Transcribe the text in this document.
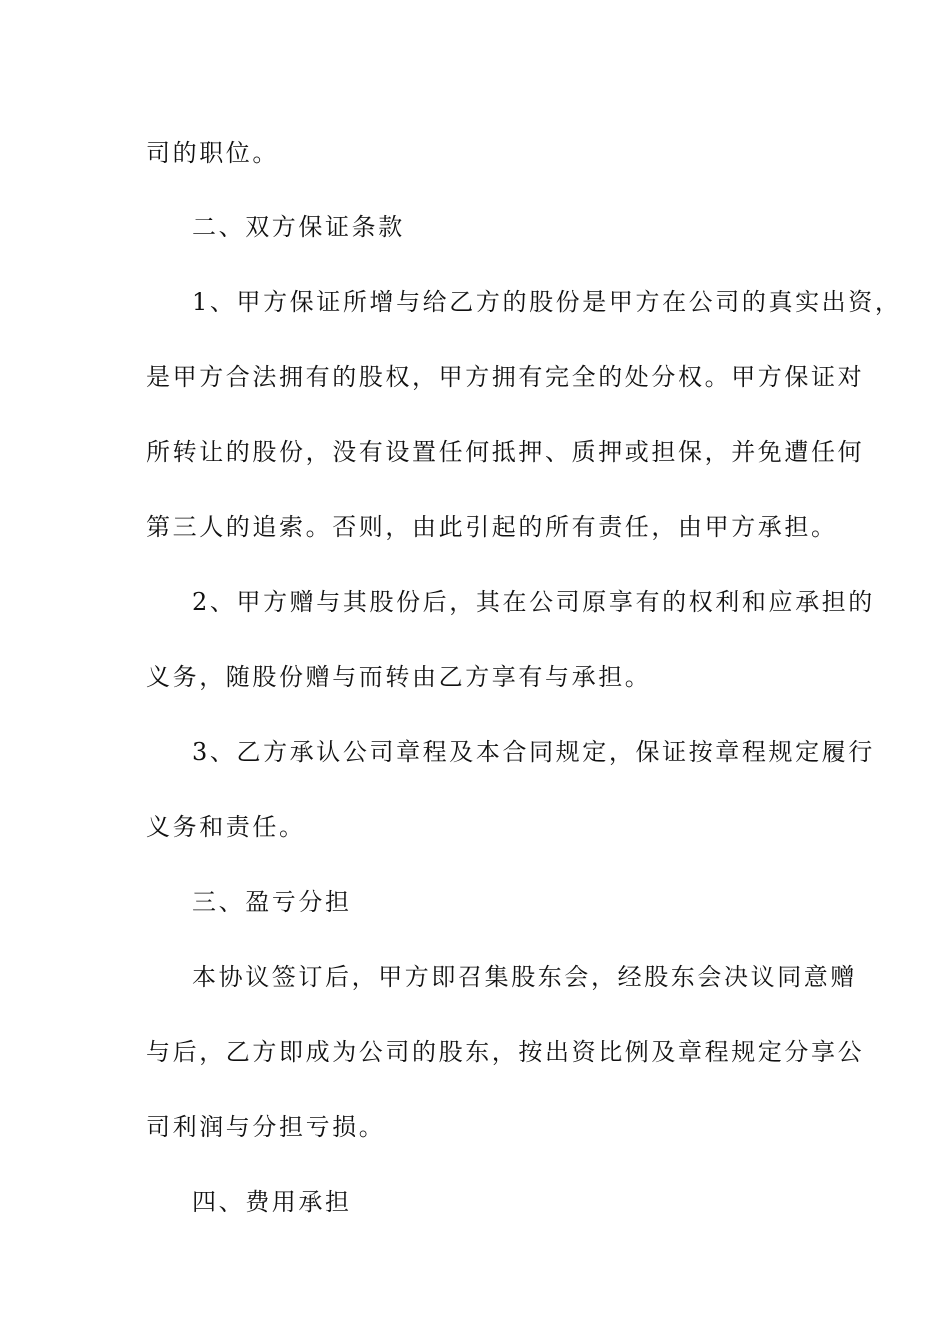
司的职位。
二、双方保证条款
1、甲方保证所增与给乙方的股份是甲方在公司的真实出资，
是甲方合法拥有的股权，甲方拥有完全的处分权。甲方保证对
所转让的股份，没有设置任何抵押、质押或担保，并免遭任何
第三人的追索。否则，由此引起的所有责任，由甲方承担。
2、甲方赠与其股份后，其在公司原享有的权利和应承担的
义务，随股份赠与而转由乙方享有与承担。
3、乙方承认公司章程及本合同规定，保证按章程规定履行
义务和责任。
三、盈亏分担
本协议签订后，甲方即召集股东会，经股东会决议同意赠
与后，乙方即成为公司的股东，按出资比例及章程规定分享公
司利润与分担亏损。
四、费用承担
